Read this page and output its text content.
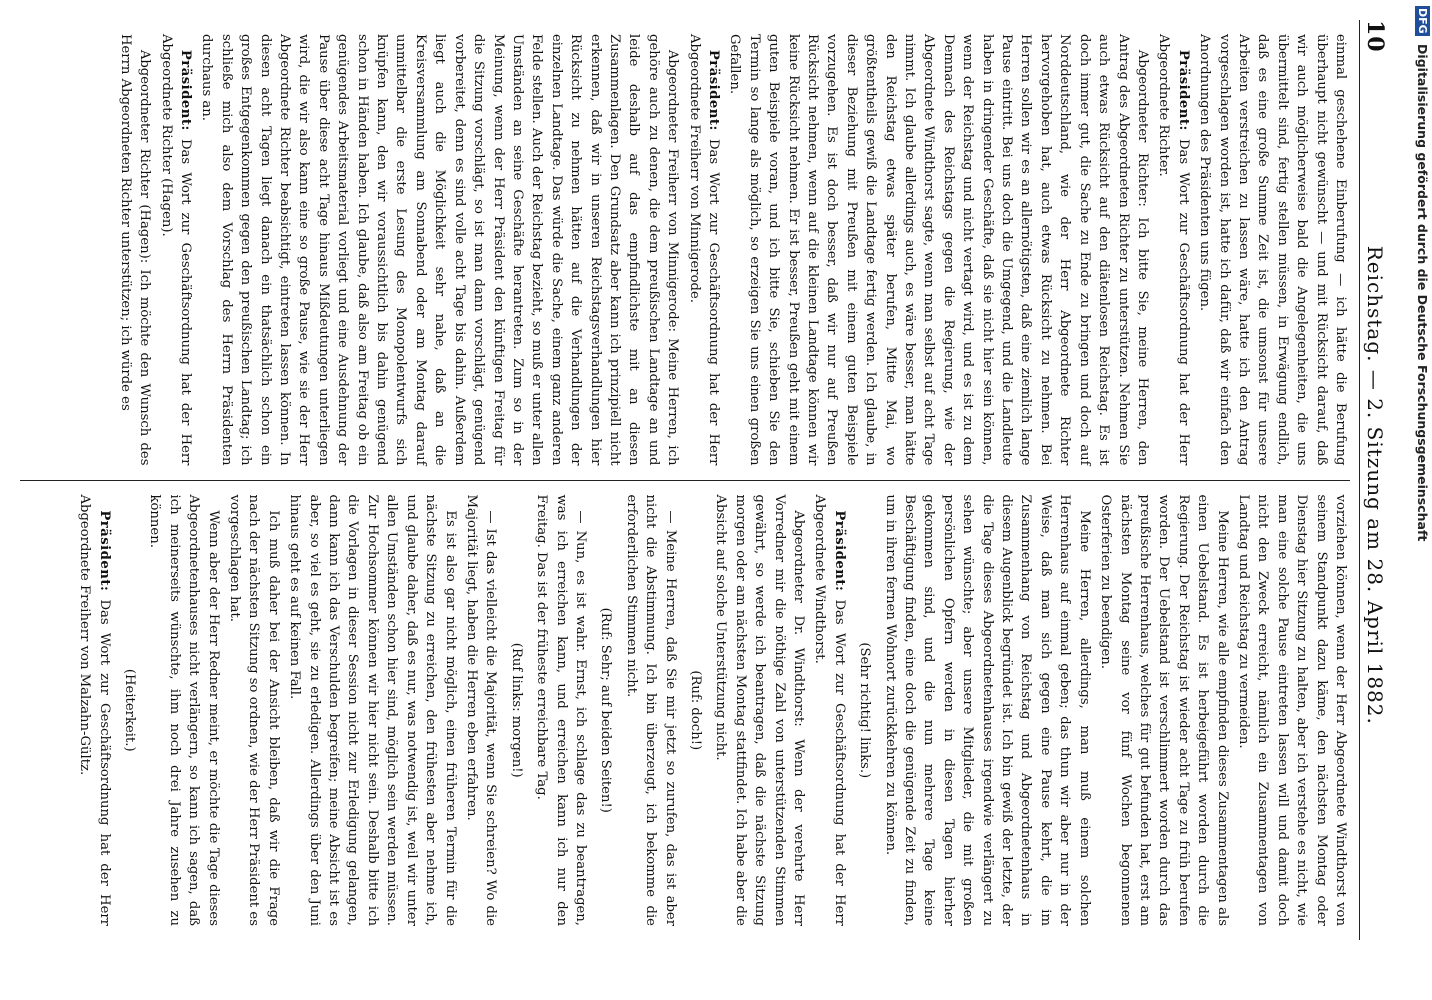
10
Reichstag. — 2. Sitzung am 28. April 1882.

einmal geschehene Einberufung — ich hätte die Berufung überhaupt nicht gewünscht — und mit Rücksicht darauf, daß wir auch möglicherweise bald die Angelegenheiten, die uns übermittelt sind, fertig stellen müssen, in Erwägung endlich, daß es eine große Summe Zeit ist, die umsonst für unsere Arbeiten verstreichen zu lassen wäre, hatte ich den Antrag vorgeschlagen worden ist, hatte ich dafür, daß wir einfach den Anordnungen des Präsidenten uns fügen.

Präsident: Das Wort zur Geschäftsordnung hat der Herr Abgeordnete Richter.

Abgeordneter Richter: Ich bitte Sie, meine Herren, den Antrag des Abgeordneten Richter zu unterstützen. Nehmen Sie auch etwas Rücksicht auf den diätenlosen Reichstag. Es ist doch immer gut, die Sache zu Ende zu bringen und doch auf Norddeutschland, wie der Herr Abgeordnete Richter hervorgehoben hat, auch etwas Rücksicht zu nehmen. Bei Herren sollen wir es an allernötigsten, daß eine ziemlich lange Pause eintritt. Bei uns doch die Umgegend, und die Landleute haben in dringender Geschäfte, daß sie nicht hier sein können, wenn der Reichstag und nicht vertagt wird, und es ist zu dem Demnach des Reichstags gegen die Regierung, wie der Abgeordnete Windthorst sagte, wenn man selbst auf acht Tage nimmt. Ich glaube allerdings auch, es wäre besser, man hätte den Reichstag etwas später berufen, Mitte Mai, wo größtentheils gewiß die Landtage fertig werden. Ich glaube, in dieser Beziehung mit Preußen mit einem guten Beispiele vorzugehen. Es ist doch besser, daß wir nur auf Preußen Rücksicht nehmen, wenn auf die kleinen Landtage können wir keine Rücksicht nehmen. Er ist besser, Preußen geht mit einem guten Beispiele voran, und ich bitte Sie, schieben Sie den Termin so lange als möglich, so erzeigen Sie uns einen großen Gefallen.

Präsident: Das Wort zur Geschäftsordnung hat der Herr Abgeordnete Freiherr von Minnigerode.

Abgeordneter Freiherr von Minnigerode: Meine Herren, ich gehöre auch zu denen, die dem preußischen Landtage an und leide deshalb auf das empfindlichste mit an diesen Zusammenlagen. Den Grundsatz aber kann ich prinzipiell nicht erkennen, daß wir in unseren Reichstagsverhandlungen hier Rücksicht zu nehmen hätten auf die Verhandlungen der einzelnen Landtage. Das würde die Sache, einem ganz anderen Felde stellen. Auch der Reichstag bezieht, so muß er unter allen Umständen an seine Geschäfte herantreten. Zum so in der Meinung, wenn der Herr Präsident den künftigen Freitag für die Sitzung vorschlägt, so ist man dann vorschlägt, genügend vorbereitet, denn es sind volle acht Tage bis dahin. Außerdem liegt auch die Möglichkeit sehr nahe, daß an die Kreisversammlung am Sonnabend oder am Montag darauf unmittelbar die erste Lesung des Monopolentwurfs sich knüpfen kann, den wir voraussichtlich bis dahin genügend schon in Händen haben. Ich glaube, daß also am Freitag ob ein genügendes Arbeitsmaterial vorliegt und eine Ausdehnung der Pause über diese acht Tage hinaus Mißdeutungen unterliegen wird, die wir also kann eine so große Pause, wie sie der Herr Abgeordnete Richter beabsichtigt, eintreten lassen können. In diesen acht Tagen liegt danach ein thatsächlich schon ein großes Entgegenkommen gegen den preußischen Landtag; ich schließe mich also dem Vorschlag des Herrn Präsidenten durchaus an.

Präsident: Das Wort zur Geschäftsordnung hat der Herr Abgeordnete Richter (Hagen).

Abgeordneter Richter (Hagen): Ich möchte den Wunsch des Herrn Abgeordneten Richter unterstützen; ich würde es

vorziehen können, wenn der Herr Abgeordnete Windthorst von seinem Standpunkt dazu käme, den nächsten Montag oder Dienstag hier Sitzung zu halten, aber ich verstehe es nicht, wie man eine solche Pause eintreten lassen will und damit doch nicht den Zweck erreicht, nämlich ein Zusammentagen von Landtag und Reichstag zu vermeiden.

Meine Herren, wie alle empfinden dieses Zusammentagen als einen Uebelstand. Es ist herbeigeführt worden durch die Regierung. Der Reichstag ist wieder acht Tage zu früh berufen worden. Der Uebelstand ist verschlimmert worden durch das preußische Herrenhaus, welches für gut befunden hat, erst am nächsten Montag seine vor fünf Wochen begonnenen Osterferien zu beendigen.

Meine Herren, allerdings, man muß einem solchen Herrenhaus auf einmal geben; das thun wir aber nur in der Weise, daß man sich gegen eine Pause kehrt, die im Zusammenhang von Reichstag und Abgeordnetenhaus in diesem Augenblick begründet ist. Ich bin gewiß der letzte, der die Tage dieses Abgeordnetenhauses irgendwie verlängert zu sehen wünschte; aber unsere Mitglieder, die mit großen persönlichen Opfern werden in diesen Tagen hierher gekommen sind, und die nun mehrere Tage keine Beschäftigung finden, eine doch die genügende Zeit zu finden, um in ihren fernen Wohnort zurückkehren zu können.

(Sehr richtig! links.)

Präsident: Das Wort zur Geschäftsordnung hat der Herr Abgeordnete Windthorst.

Abgeordneter Dr. Windthorst: Wenn der verehrte Herr Vorredner mir die nöthige Zahl von unterstützenden Stimmen gewährt, so werde ich beantragen, daß die nächste Sitzung morgen oder am nächsten Montag stattfindet. Ich habe aber die Absicht auf solche Unterstützung nicht.

(Ruf: doch!)

— Meine Herren, daß Sie mir jetzt so zurufen, das ist aber nicht die Abstimmung. Ich bin überzeugt, ich bekomme die erforderlichen Stimmen nicht.

(Ruf: Sehr; auf beiden Seiten!)

— Nun, es ist wahr. Ernst, ich schlage das zu beantragen, was ich erreichen kann, und erreichen kann ich nur den Freitag. Das ist der früheste erreichbare Tag.

(Ruf links: morgen!)

— Ist das vielleicht die Majorität, wenn Sie schreien? Wo die Majorität liegt, haben die Herren eben erfahren.

Es ist also gar nicht möglich, einen früheren Termin für die nächste Sitzung zu erreichen, den frühesten aber nehme ich, und glaube daher, daß es nur, was notwendig ist, weil wir unter allen Umständen schon hier sind, möglich sein werden müssen. Zur Hochsommer können wir hier nicht sein. Deshalb bitte ich die Vorlagen in dieser Session nicht zur Erledigung gelangen, dann kann ich das Verschulden begreifen; meine Absicht ist es aber, so viel es geht, sie zu erledigen. Allerdings über den Juni hinaus geht es auf keinen Fall.

Ich muß daher bei der Ansicht bleiben, daß wir die Frage nach der nächsten Sitzung so ordnen, wie der Herr Präsident es vorgeschlagen hat.

Wenn aber der Herr Redner meint, er möchte die Tage dieses Abgeordnetenhauses nicht verlängern, so kann ich sagen, daß ich meinerseits wünschte, ihm noch drei Jahre zusehen zu können.

(Heiterkeit.)

Präsident: Das Wort zur Geschäftsordnung hat der Herr Abgeordnete Freiherr von Malzahn-Gültz.

DFG Digitalisierung gefördert durch die Deutsche Forschungsgemeinschaft
